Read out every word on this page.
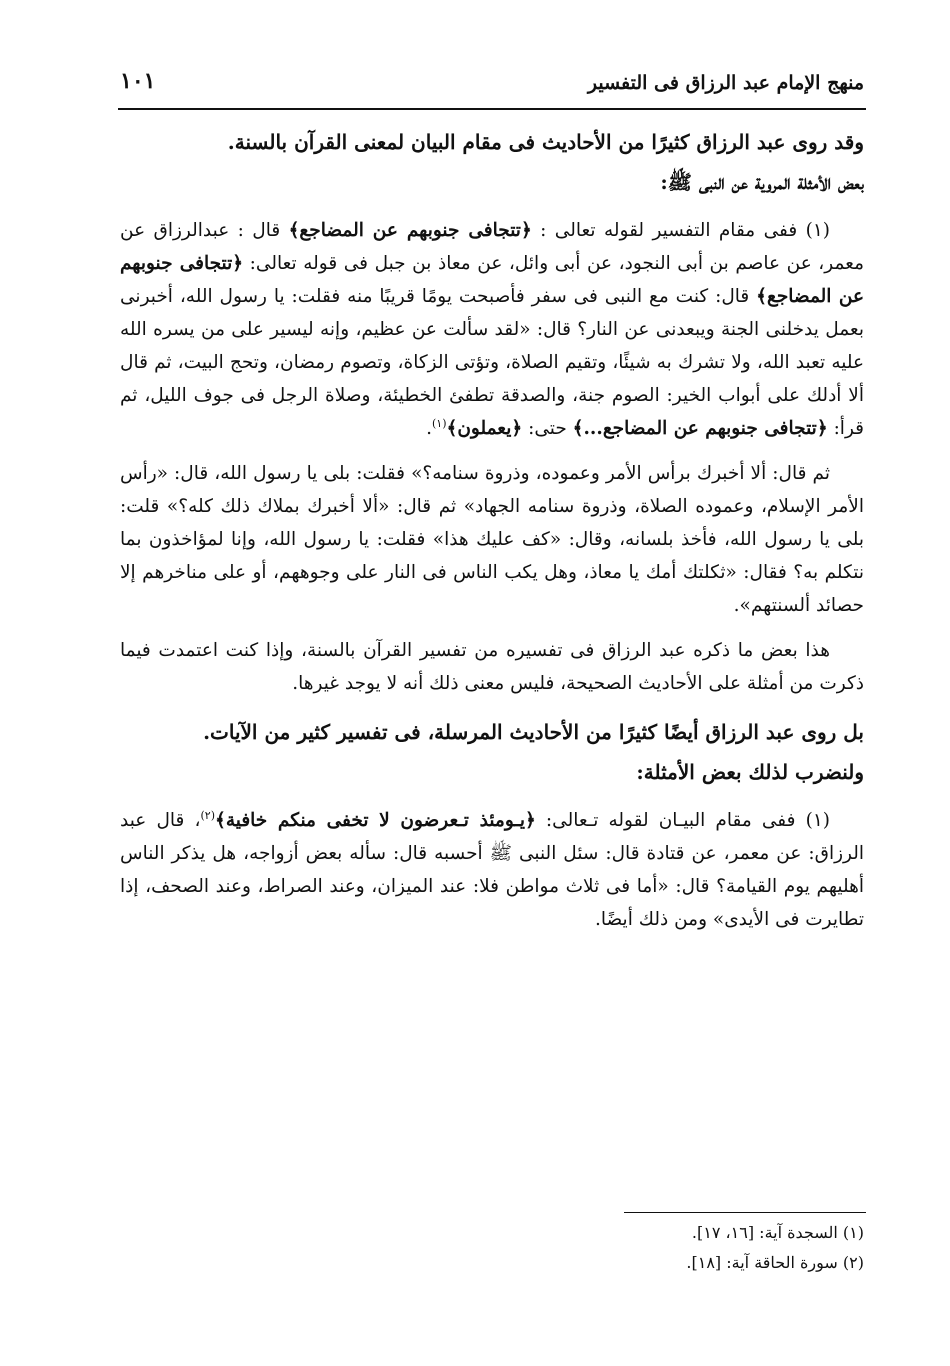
منهج الإمام عبد الرزاق فى التفسير
١٠١

وقد روى عبد الرزاق كثيرًا من الأحاديث فى مقام البيان لمعنى القرآن بالسنة.

بعض الأمثلة المروية عن النبى ﷺ:

(١) ففى مقام التفسير لقوله تعالى : ﴿تتجافى جنوبهم عن المضاجع﴾ قال : عبدالرزاق عن معمر، عن عاصم بن أبى النجود، عن أبى وائل، عن معاذ بن جبل فى قوله تعالى: ﴿تتجافى جنوبهم عن المضاجع﴾ قال: كنت مع النبى فى سفر فأصبحت يومًا قريبًا منه فقلت: يا رسول الله، أخبرنى بعمل يدخلنى الجنة ويبعدنى عن النار؟ قال: «لقد سألت عن عظيم، وإنه ليسير على من يسره الله عليه تعبد الله، ولا تشرك به شيئًا، وتقيم الصلاة، وتؤتى الزكاة، وتصوم رمضان، وتحج البيت، ثم قال ألا أدلك على أبواب الخير: الصوم جنة، والصدقة تطفئ الخطيئة، وصلاة الرجل فى جوف الليل، ثم قرأ: ﴿تتجافى جنوبهم عن المضاجع...﴾ حتى: ﴿يعملون﴾$^{(١)}$.

ثم قال: ألا أخبرك برأس الأمر وعموده، وذروة سنامه؟» فقلت: بلى يا رسول الله، قال: «رأس الأمر الإسلام، وعموده الصلاة، وذروة سنامه الجهاد» ثم قال: «ألا أخبرك بملاك ذلك كله؟» قلت: بلى يا رسول الله، فأخذ بلسانه، وقال: «كف عليك هذا» فقلت: يا رسول الله، وإنا لمؤاخذون بما نتكلم به؟ فقال: «ثكلتك أمك يا معاذ، وهل يكب الناس فى النار على وجوههم، أو على مناخرهم إلا حصائد ألسنتهم».

هذا بعض ما ذكره عبد الرزاق فى تفسيره من تفسير القرآن بالسنة، وإذا كنت اعتمدت فيما ذكرت من أمثلة على الأحاديث الصحيحة، فليس معنى ذلك أنه لا يوجد غيرها.

بل روى عبد الرزاق أيضًا كثيرًا من الأحاديث المرسلة، فى تفسير كثير من الآيات.

ولنضرب لذلك بعض الأمثلة:

(١) ففى مقام البيـان لقوله تـعالى: ﴿يـومئذ تـعرضون لا تخفى منكم خافية﴾$^{(٢)}$، قال عبد الرزاق: عن معمر، عن قتادة قال: سئل النبى ﷺ أحسبه قال: سأله بعض أزواجه، هل يذكر الناس أهليهم يوم القيامة؟ قال: «أما فى ثلاث مواطن فلا: عند الميزان، وعند الصراط، وعند الصحف، إذا تطايرت فى الأيدى» ومن ذلك أيضًا.

(١) السجدة آية: [١٦، ١٧].
(٢) سورة الحاقة آية: [١٨].
